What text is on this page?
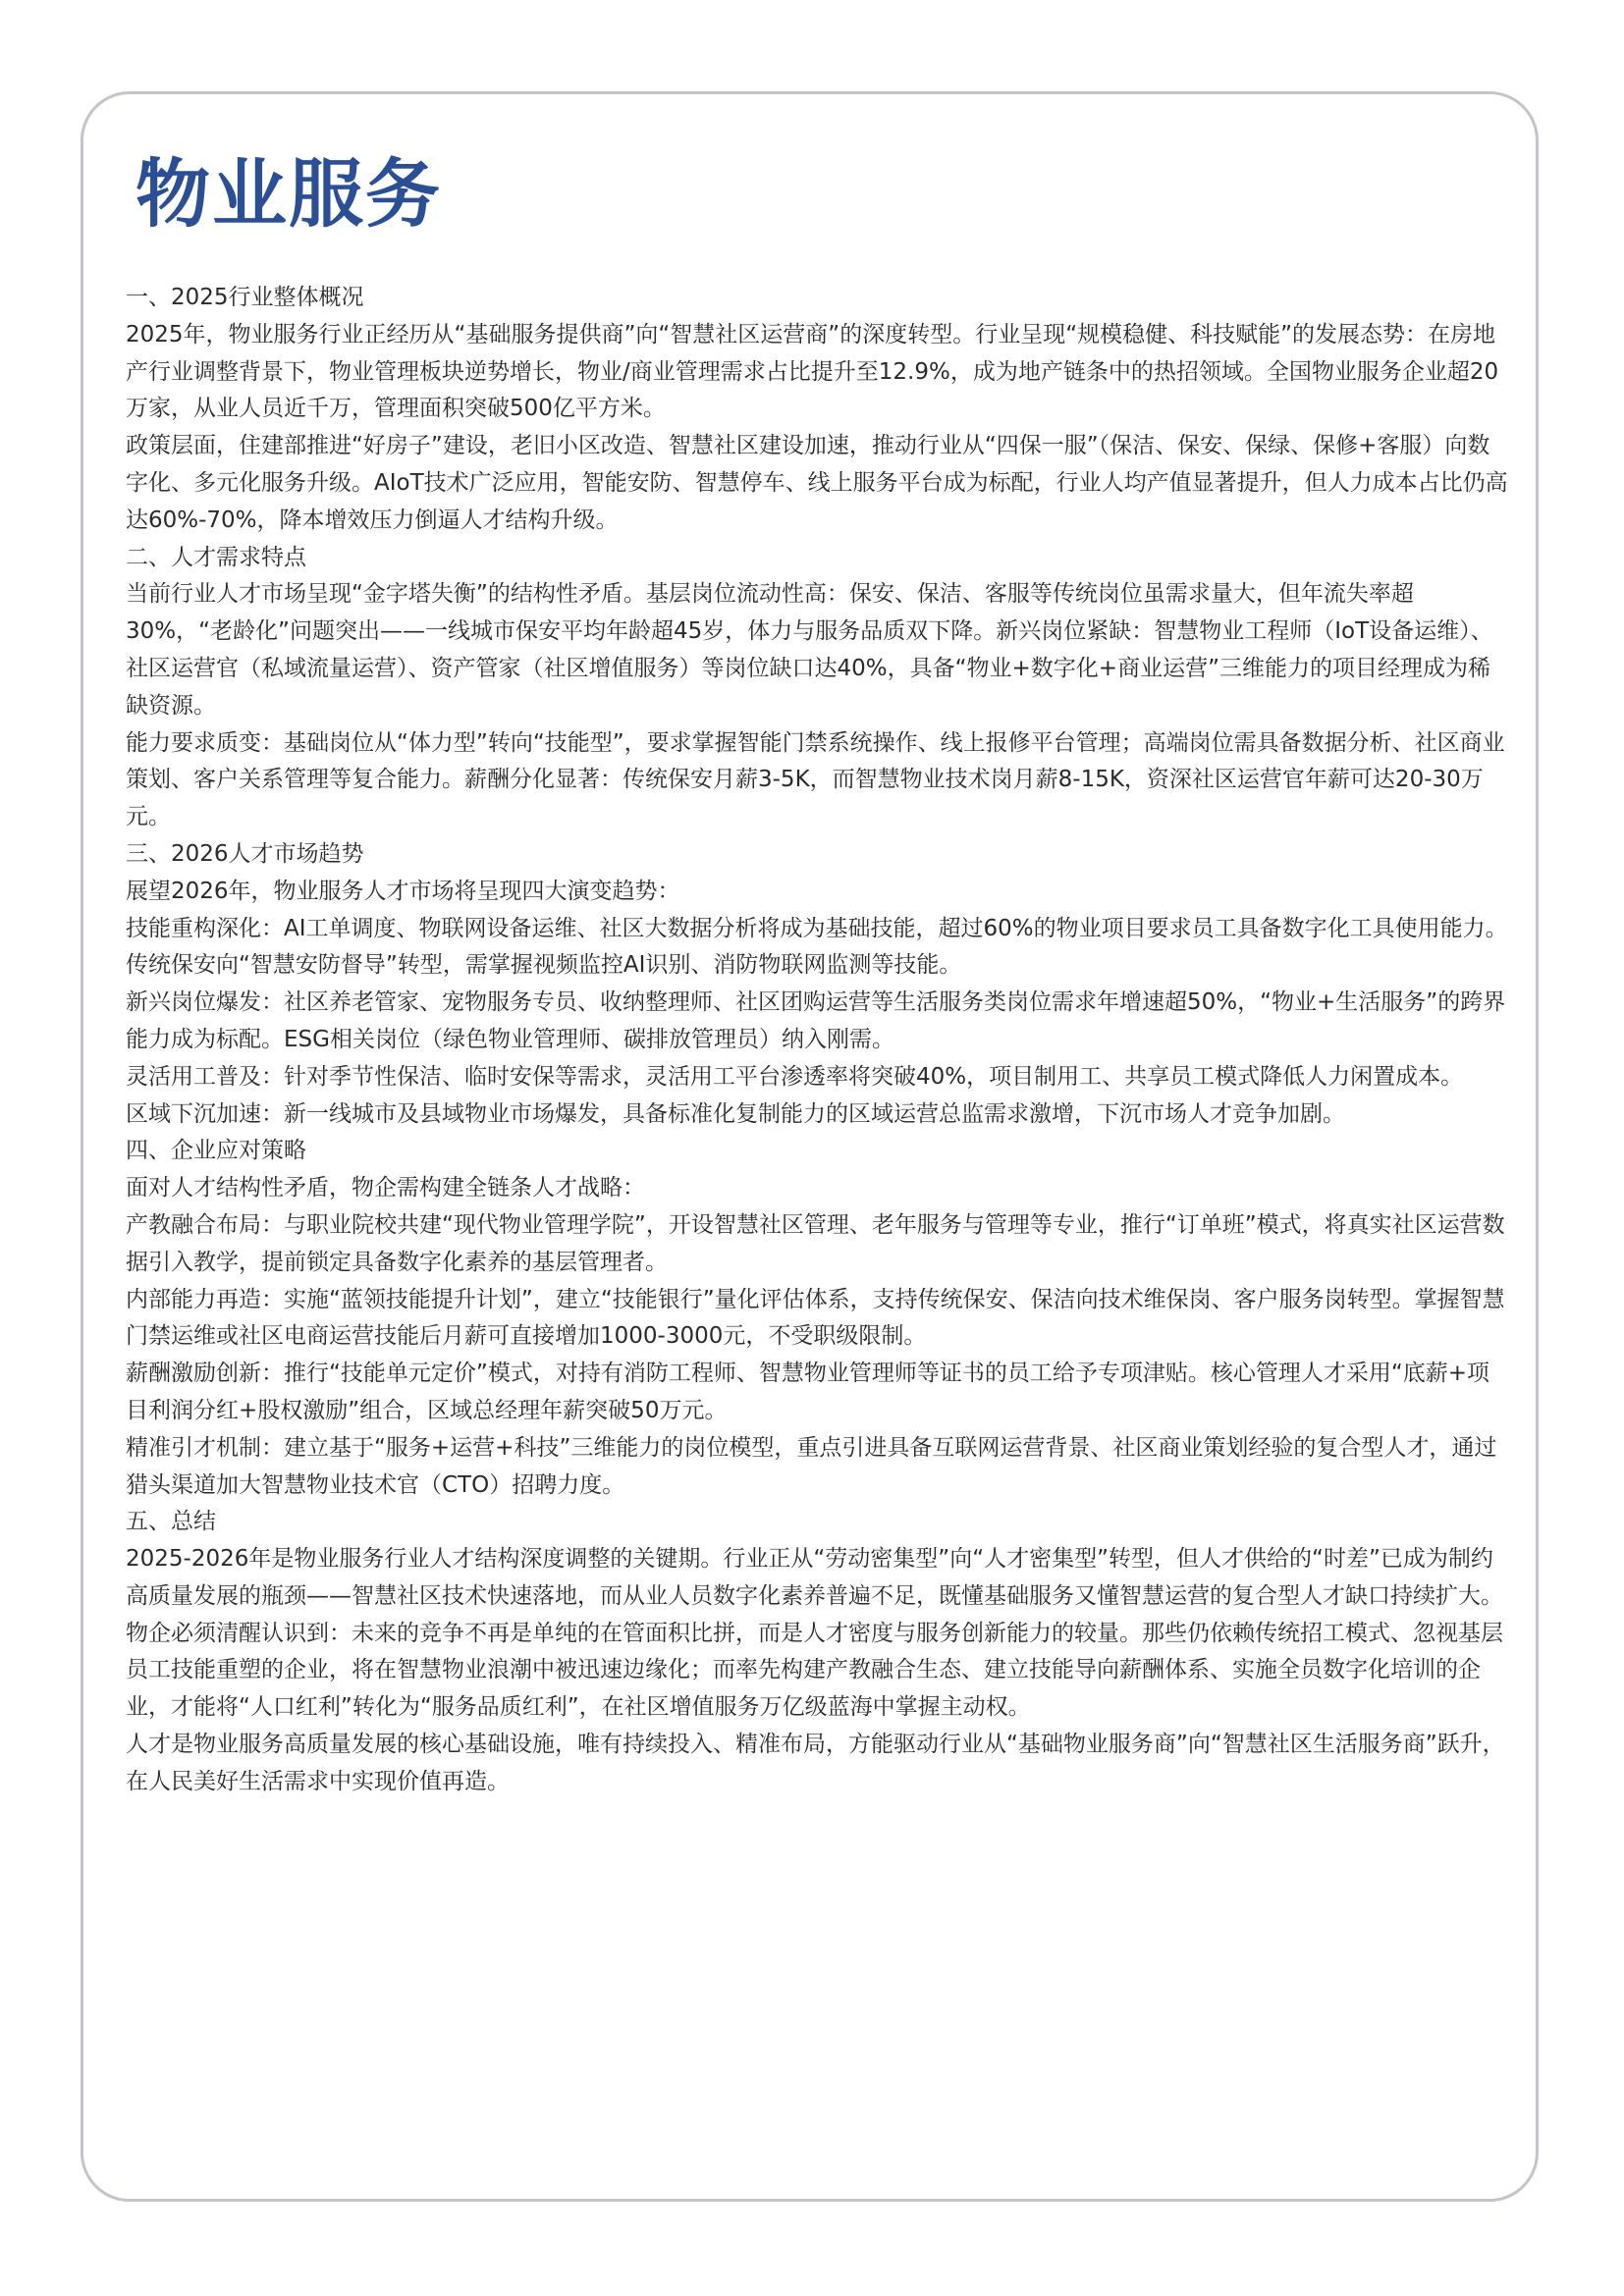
物业服务

一、2025行业整体概况

2025年，物业服务行业正经历从“基础服务提供商”向“智慧社区运营商”的深度转型。行业呈现“规模稳健、科技赋能”的发展态势：在房地产行业调整背景下，物业管理板块逆势增长，物业/商业管理需求占比提升至12.9%，成为地产链条中的热招领域。全国物业服务企业超20万家，从业人员近千万，管理面积突破500亿平方米。

政策层面，住建部推进“好房子”建设，老旧小区改造、智慧社区建设加速，推动行业从“四保一服”（保洁、保安、保绿、保修+客服）向数字化、多元化服务升级。AIoT技术广泛应用，智能安防、智慧停车、线上服务平台成为标配，行业人均产值显著提升，但人力成本占比仍高达60%-70%，降本增效压力倒逼人才结构升级。

二、人才需求特点

当前行业人才市场呈现“金字塔失衡”的结构性矛盾。基层岗位流动性高：保安、保洁、客服等传统岗位虽需求量大，但年流失率超30%，“老龄化”问题突出——一线城市保安平均年龄超45岁，体力与服务品质双下降。新兴岗位紧缺：智慧物业工程师（IoT设备运维）、社区运营官（私域流量运营）、资产管家（社区增值服务）等岗位缺口达40%，具备“物业+数字化+商业运营”三维能力的项目经理成为稀缺资源。

能力要求质变：基础岗位从“体力型”转向“技能型”，要求掌握智能门禁系统操作、线上报修平台管理；高端岗位需具备数据分析、社区商业策划、客户关系管理等复合能力。薪酬分化显著：传统保安月薪3-5K，而智慧物业技术岗月薪8-15K，资深社区运营官年薪可达20-30万元。

三、2026人才市场趋势

展望2026年，物业服务人才市场将呈现四大演变趋势：

技能重构深化：AI工单调度、物联网设备运维、社区大数据分析将成为基础技能，超过60%的物业项目要求员工具备数字化工具使用能力。传统保安向“智慧安防督导”转型，需掌握视频监控AI识别、消防物联网监测等技能。

新兴岗位爆发：社区养老管家、宠物服务专员、收纳整理师、社区团购运营等生活服务类岗位需求年增速超50%，“物业+生活服务”的跨界能力成为标配。ESG相关岗位（绿色物业管理师、碳排放管理员）纳入刚需。

灵活用工普及：针对季节性保洁、临时安保等需求，灵活用工平台渗透率将突破40%，项目制用工、共享员工模式降低人力闲置成本。

区域下沉加速：新一线城市及县域物业市场爆发，具备标准化复制能力的区域运营总监需求激增，下沉市场人才竞争加剧。

四、企业应对策略

面对人才结构性矛盾，物企需构建全链条人才战略：

产教融合布局：与职业院校共建“现代物业管理学院”，开设智慧社区管理、老年服务与管理等专业，推行“订单班”模式，将真实社区运营数据引入教学，提前锁定具备数字化素养的基层管理者。

内部能力再造：实施“蓝领技能提升计划”，建立“技能银行”量化评估体系，支持传统保安、保洁向技术维保岗、客户服务岗转型。掌握智慧门禁运维或社区电商运营技能后月薪可直接增加1000-3000元，不受职级限制。

薪酬激励创新：推行“技能单元定价”模式，对持有消防工程师、智慧物业管理师等证书的员工给予专项津贴。核心管理人才采用“底薪+项目利润分红+股权激励”组合，区域总经理年薪突破50万元。

精准引才机制：建立基于“服务+运营+科技”三维能力的岗位模型，重点引进具备互联网运营背景、社区商业策划经验的复合型人才，通过猎头渠道加大智慧物业技术官（CTO）招聘力度。

五、总结

2025-2026年是物业服务行业人才结构深度调整的关键期。行业正从“劳动密集型”向“人才密集型”转型，但人才供给的“时差”已成为制约高质量发展的瓶颈——智慧社区技术快速落地，而从业人员数字化素养普遍不足，既懂基础服务又懂智慧运营的复合型人才缺口持续扩大。

物企必须清醒认识到：未来的竞争不再是单纯的在管面积比拼，而是人才密度与服务创新能力的较量。那些仍依赖传统招工模式、忽视基层员工技能重塑的企业，将在智慧物业浪潮中被迅速边缘化；而率先构建产教融合生态、建立技能导向薪酬体系、实施全员数字化培训的企业，才能将“人口红利”转化为“服务品质红利”，在社区增值服务万亿级蓝海中掌握主动权。

人才是物业服务高质量发展的核心基础设施，唯有持续投入、精准布局，方能驱动行业从“基础物业服务商”向“智慧社区生活服务商”跃升，在人民美好生活需求中实现价值再造。
